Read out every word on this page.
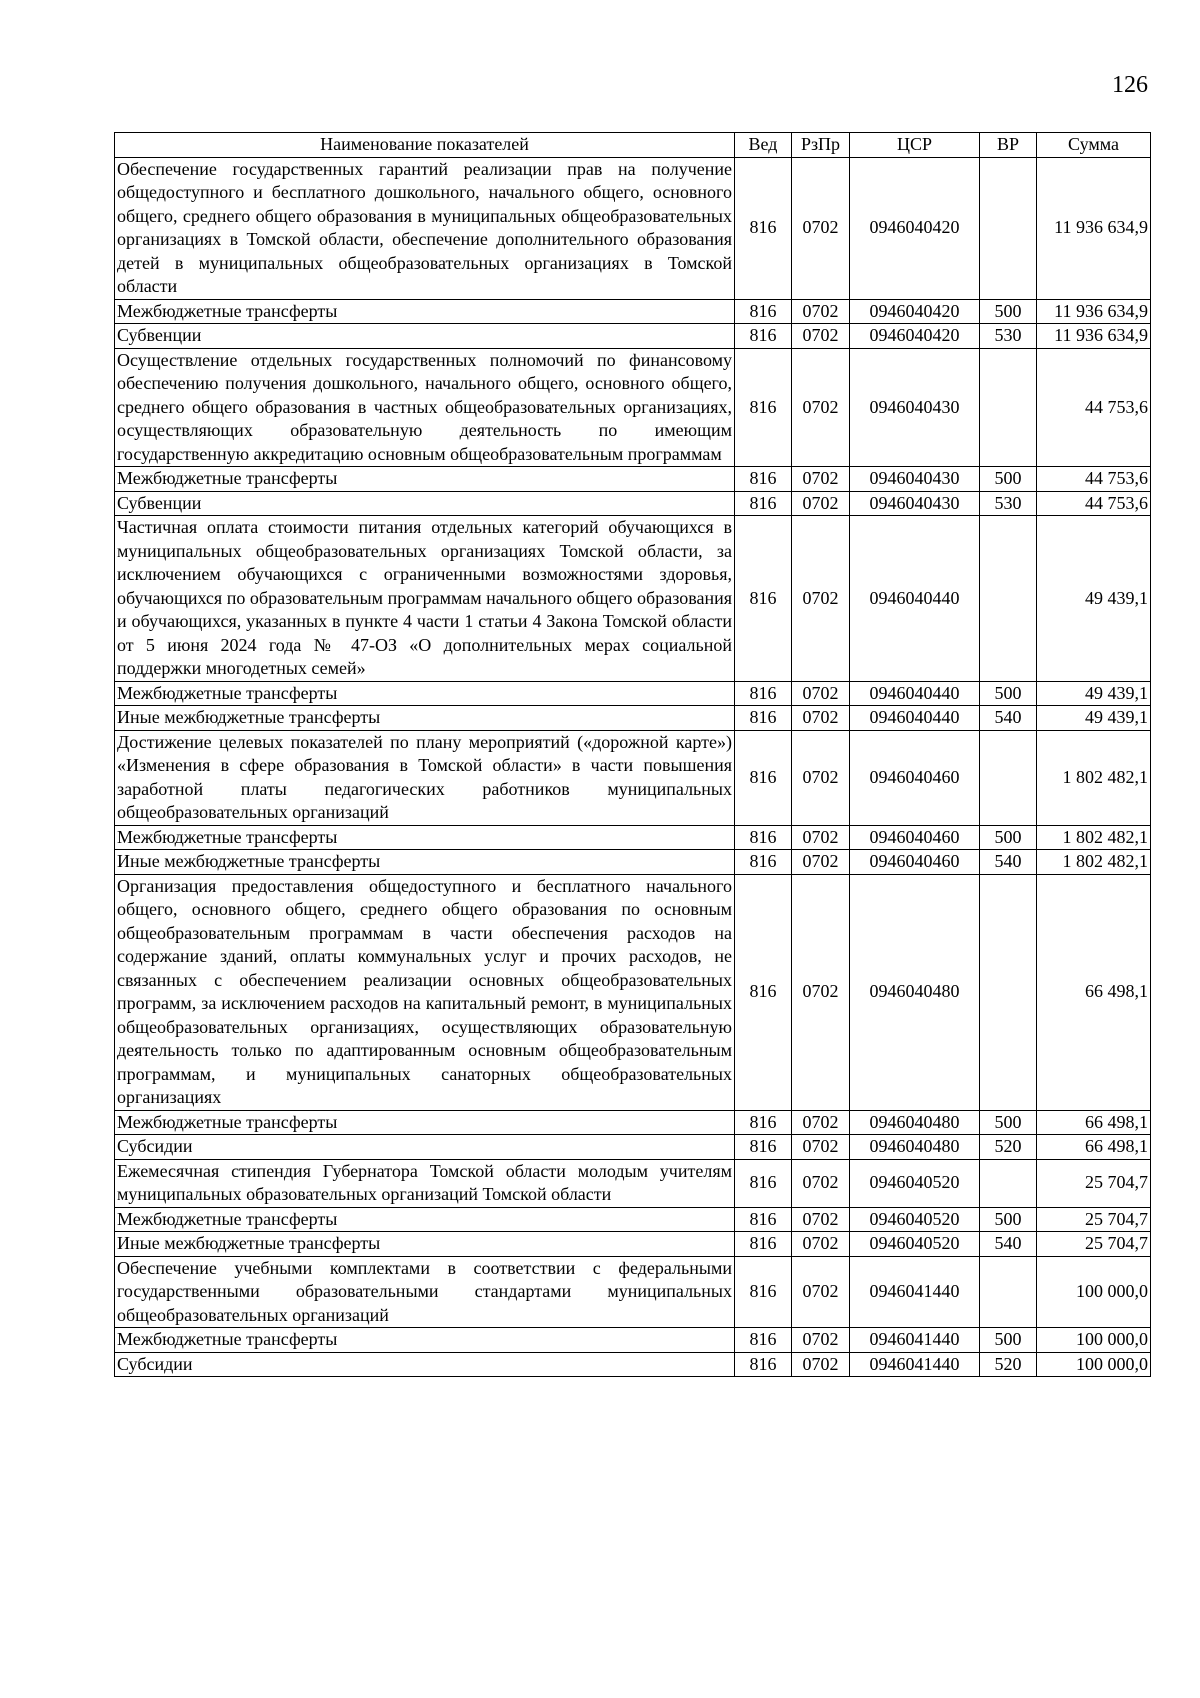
126
Наименование показателей	Вед	РзПр	ЦСР	ВР	Сумма
Обеспечение государственных гарантий реализации прав на получение общедоступного и бесплатного дошкольного, начального общего, основного общего, среднего общего образования в муниципальных общеобразовательных организациях в Томской области, обеспечение дополнительного образования детей в муниципальных общеобразовательных организациях в Томской области	816	0702	0946040420		11 936 634,9
Межбюджетные трансферты	816	0702	0946040420	500	11 936 634,9
Субвенции	816	0702	0946040420	530	11 936 634,9
Осуществление отдельных государственных полномочий по финансовому обеспечению получения дошкольного, начального общего, основного общего, среднего общего образования в частных общеобразовательных организациях, осуществляющих образовательную деятельность по имеющим государственную аккредитацию основным общеобразовательным программам	816	0702	0946040430		44 753,6
Межбюджетные трансферты	816	0702	0946040430	500	44 753,6
Субвенции	816	0702	0946040430	530	44 753,6
Частичная оплата стоимости питания отдельных категорий обучающихся в муниципальных общеобразовательных организациях Томской области, за исключением обучающихся с ограниченными возможностями здоровья, обучающихся по образовательным программам начального общего образования и обучающихся, указанных в пункте 4 части 1 статьи 4 Закона Томской области от 5 июня 2024 года № 47-ОЗ «О дополнительных мерах социальной поддержки многодетных семей»	816	0702	0946040440		49 439,1
Межбюджетные трансферты	816	0702	0946040440	500	49 439,1
Иные межбюджетные трансферты	816	0702	0946040440	540	49 439,1
Достижение целевых показателей по плану мероприятий («дорожной карте») «Изменения в сфере образования в Томской области» в части повышения заработной платы педагогических работников муниципальных общеобразовательных организаций	816	0702	0946040460		1 802 482,1
Межбюджетные трансферты	816	0702	0946040460	500	1 802 482,1
Иные межбюджетные трансферты	816	0702	0946040460	540	1 802 482,1
Организация предоставления общедоступного и бесплатного начального общего, основного общего, среднего общего образования по основным общеобразовательным программам в части обеспечения расходов на содержание зданий, оплаты коммунальных услуг и прочих расходов, не связанных с обеспечением реализации основных общеобразовательных программ, за исключением расходов на капитальный ремонт, в муниципальных общеобразовательных организациях, осуществляющих образовательную деятельность только по адаптированным основным общеобразовательным программам, и муниципальных санаторных общеобразовательных организациях	816	0702	0946040480		66 498,1
Межбюджетные трансферты	816	0702	0946040480	500	66 498,1
Субсидии	816	0702	0946040480	520	66 498,1
Ежемесячная стипендия Губернатора Томской области молодым учителям муниципальных образовательных организаций Томской области	816	0702	0946040520		25 704,7
Межбюджетные трансферты	816	0702	0946040520	500	25 704,7
Иные межбюджетные трансферты	816	0702	0946040520	540	25 704,7
Обеспечение учебными комплектами в соответствии с федеральными государственными образовательными стандартами муниципальных общеобразовательных организаций	816	0702	0946041440		100 000,0
Межбюджетные трансферты	816	0702	0946041440	500	100 000,0
Субсидии	816	0702	0946041440	520	100 000,0
